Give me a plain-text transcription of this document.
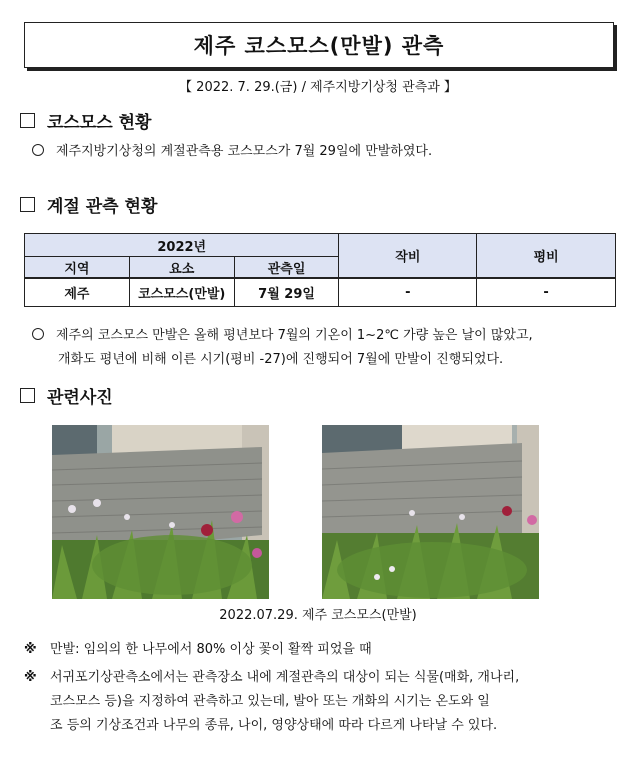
제주 코스모스(만발) 관측
【 2022. 7. 29.(금) / 제주지방기상청 관측과 】
코스모스 현황
제주지방기상청의 계절관측용 코스모스가 7월 29일에 만발하였다.
계절 관측 현황
2022년			작비	평비
지역	요소	관측일		
제주	코스모스(만발)	7월 29일	-	-
제주의 코스모스 만발은 올해 평년보다 7월의 기온이 1~2℃ 가량 높은 날이 많았고,
개화도 평년에 비해 이른 시기(평비 -27)에 진행되어 7월에 만발이 진행되었다.
관련사진
2022.07.29. 제주 코스모스(만발)
※ 만발: 임의의 한 나무에서 80% 이상 꽃이 활짝 피었을 때
※ 서귀포기상관측소에서는 관측장소 내에 계절관측의 대상이 되는 식물(매화, 개나리,
코스모스 등)을 지정하여 관측하고 있는데, 발아 또는 개화의 시기는 온도와 일
조 등의 기상조건과 나무의 종류, 나이, 영양상태에 따라 다르게 나타날 수 있다.
